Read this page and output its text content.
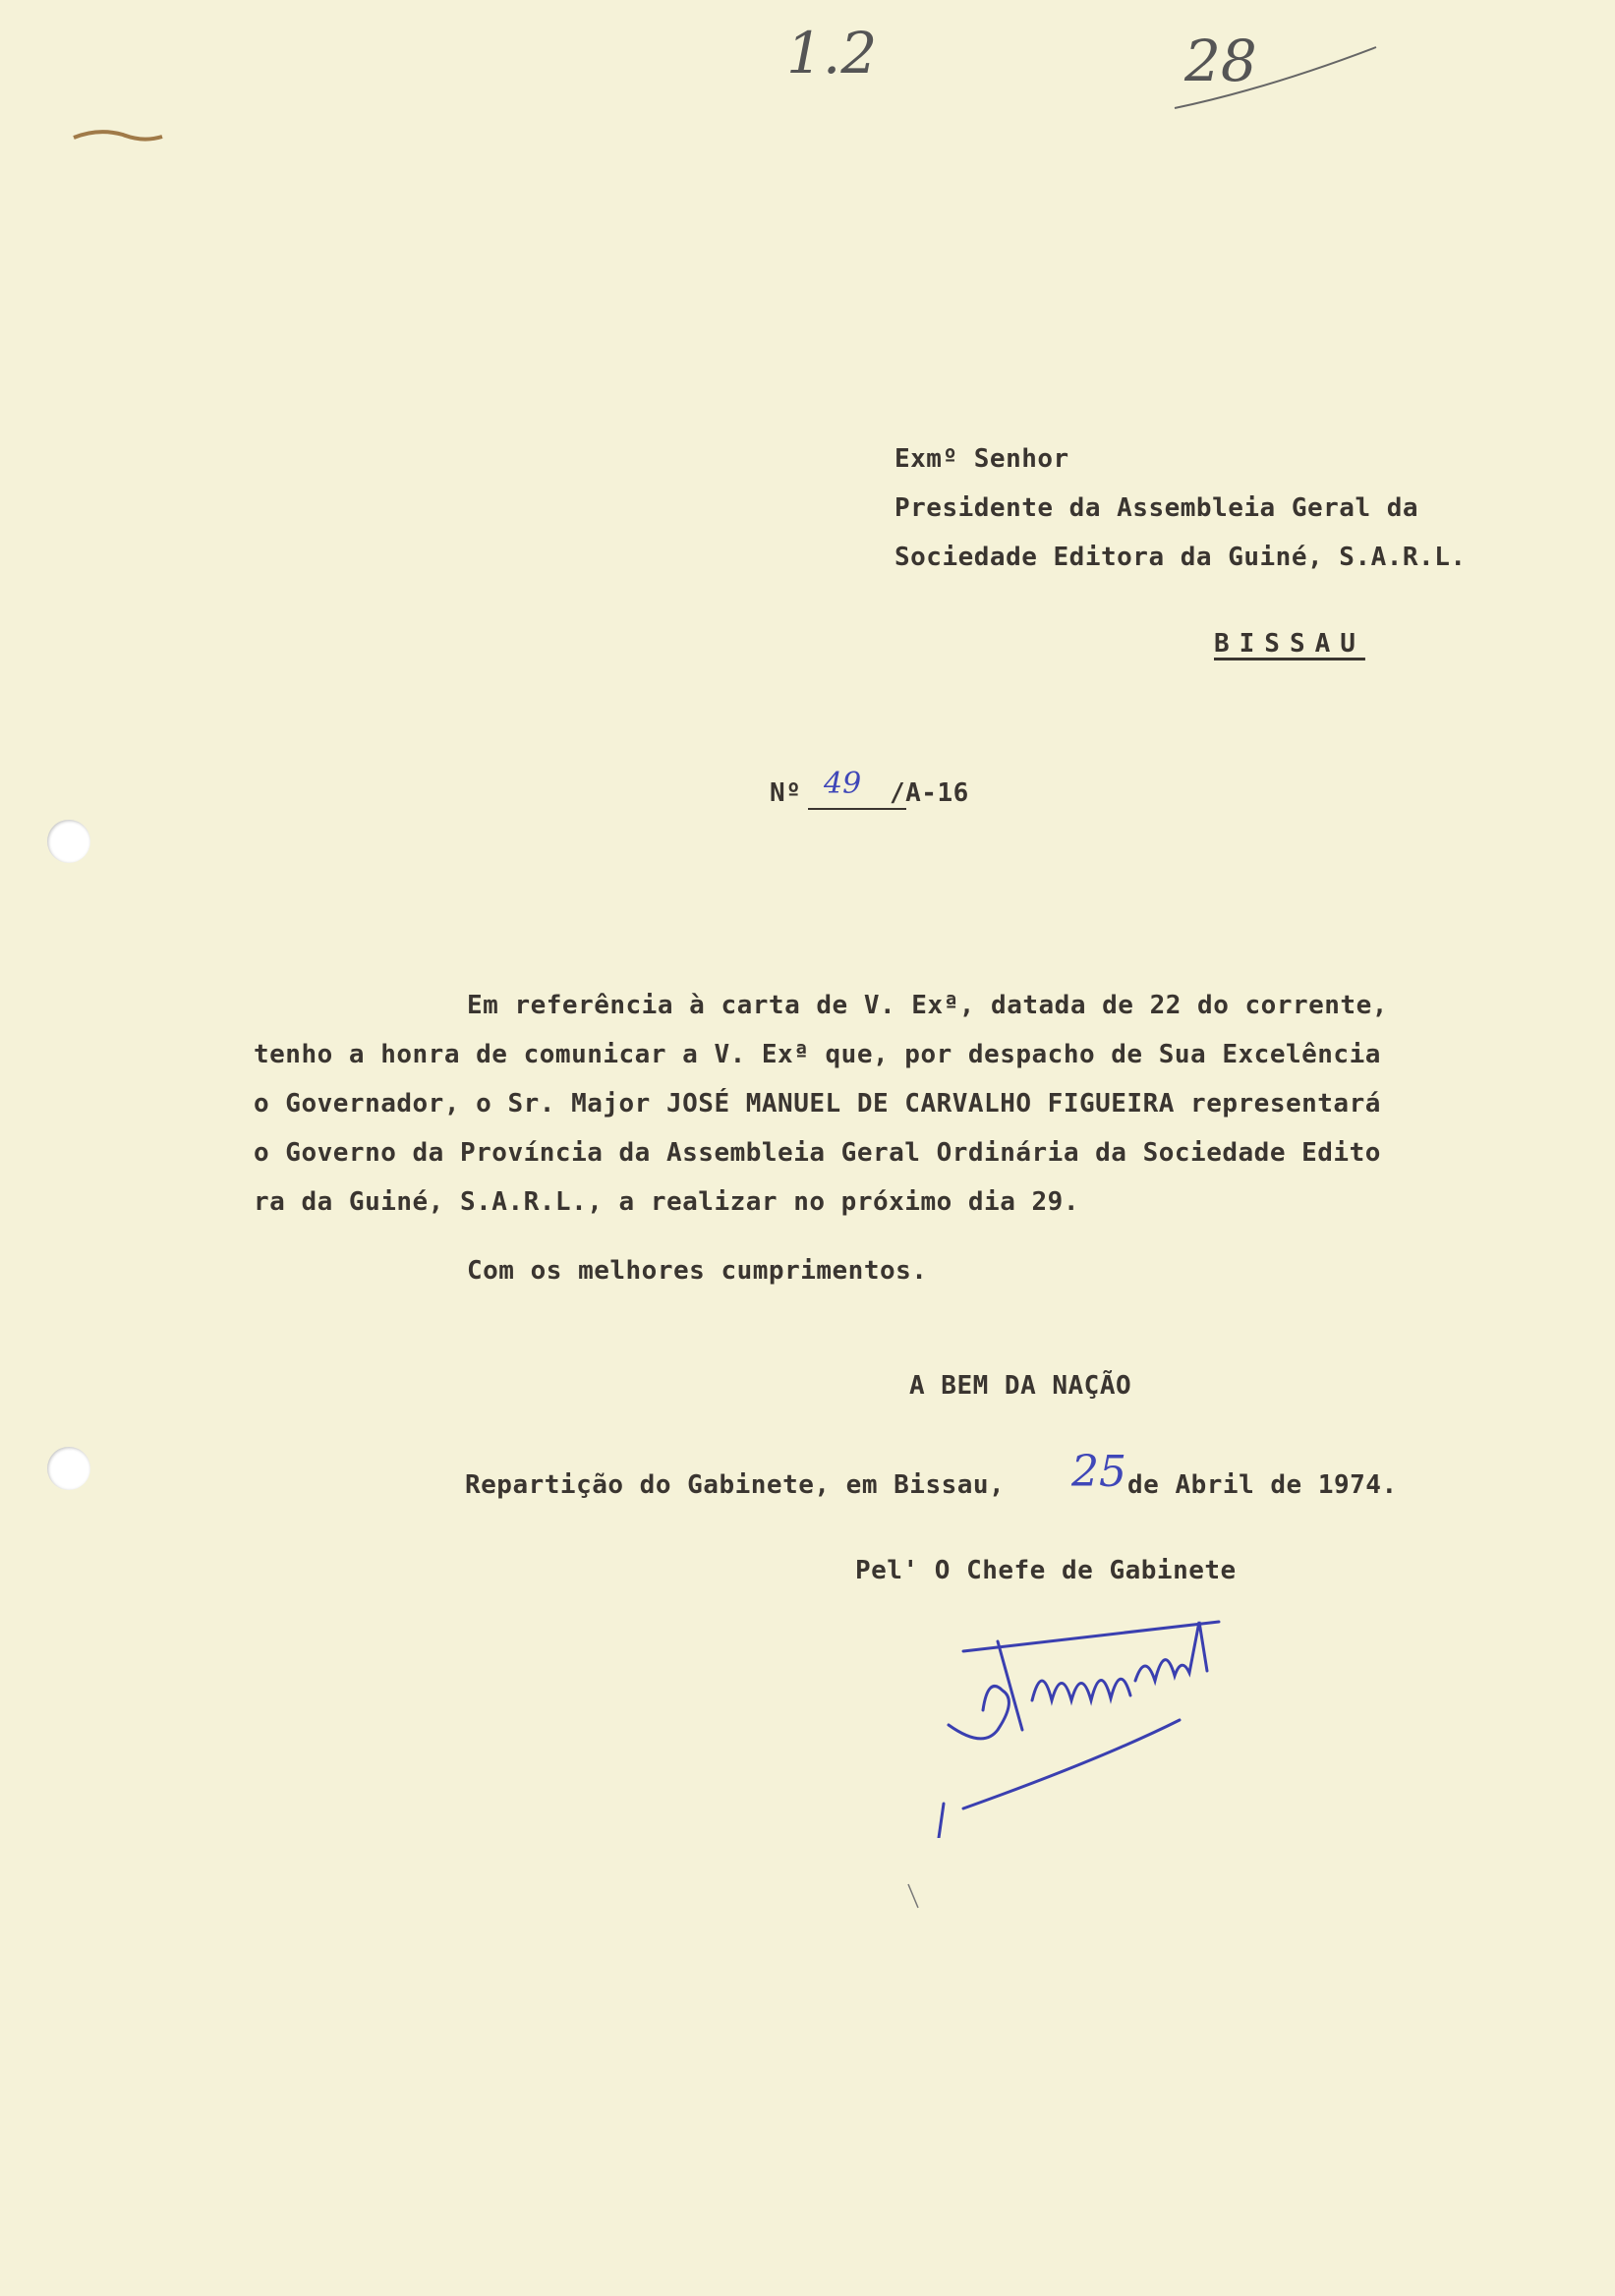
1.2	28
Exmº Senhor
Presidente da Assembleia Geral da
Sociedade Editora da Guiné, S.A.R.L.
BISSAU
Nº 49 /A-16
Em referência à carta de V. Exª, datada de 22 do corrente,
tenho a honra de comunicar a V. Exª que, por despacho de Sua Excelência
o Governador, o Sr. Major JOSÉ MANUEL DE CARVALHO FIGUEIRA representará
o Governo da Província da Assembleia Geral Ordinária da Sociedade Edito
ra da Guiné, S.A.R.L., a realizar no próximo dia 29.
Com os melhores cumprimentos.
A BEM DA NAÇÃO
Repartição do Gabinete, em Bissau, 25 de Abril de 1974.
Pel' O Chefe de Gabinete
